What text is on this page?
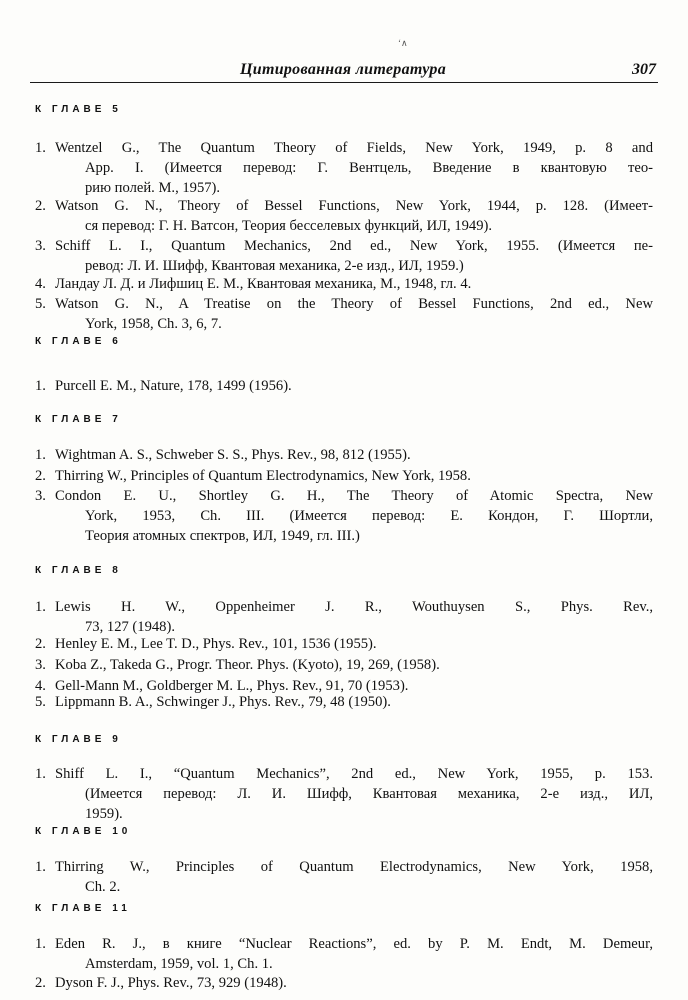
ʻ∧
Цитированная литература	307
К ГЛАВЕ 5
1. Wentzel G., The Quantum Theory of Fields, New York, 1949, p. 8 and
App. I. (Имеется перевод: Г. Вентцель, Введение в квантовую тео-
рию полей. М., 1957).
2. Watson G. N., Theory of Bessel Functions, New York, 1944, p. 128. (Имеет-
ся перевод: Г. Н. Ватсон, Теория бесселевых функций, ИЛ, 1949).
3. Schiff L. I., Quantum Mechanics, 2nd ed., New York, 1955. (Имеется пе-
ревод: Л. И. Шифф, Квантовая механика, 2-е изд., ИЛ, 1959.)
4. Ландау Л. Д. и Лифшиц Е. М., Квантовая механика, М., 1948, гл. 4.
5. Watson G. N., A Treatise on the Theory of Bessel Functions, 2nd ed., New
York, 1958, Ch. 3, 6, 7.
К ГЛАВЕ 6
1. Purcell E. M., Nature, 178, 1499 (1956).
К ГЛАВЕ 7
1. Wightman A. S., Schweber S. S., Phys. Rev., 98, 812 (1955).
2. Thirring W., Principles of Quantum Electrodynamics, New York, 1958.
3. Condon E. U., Shortley G. H., The Theory of Atomic Spectra, New
York, 1953, Ch. III. (Имеется перевод: Е. Кондон, Г. Шортли,
Теория атомных спектров, ИЛ, 1949, гл. III.)
К ГЛАВЕ 8
1. Lewis H. W., Oppenheimer J. R., Wouthuysen S., Phys. Rev.,
73, 127 (1948).
2. Henley E. M., Lee T. D., Phys. Rev., 101, 1536 (1955).
3. Koba Z., Takeda G., Progr. Theor. Phys. (Kyoto), 19, 269, (1958).
4. Gell-Mann M., Goldberger M. L., Phys. Rev., 91, 70 (1953).
5. Lippmann B. A., Schwinger J., Phys. Rev., 79, 48 (1950).
К ГЛАВЕ 9
1. Shiff L. I., “Quantum Mechanics”, 2nd ed., New York, 1955, p. 153.
(Имеется перевод: Л. И. Шифф, Квантовая механика, 2-е изд., ИЛ,
1959).
К ГЛАВЕ 10
1. Thirring W., Principles of Quantum Electrodynamics, New York, 1958,
Ch. 2.
К ГЛАВЕ 11
1. Eden R. J., в книге “Nuclear Reactions”, ed. by P. M. Endt, M. Demeur,
Amsterdam, 1959, vol. 1, Ch. 1.
2. Dyson F. J., Phys. Rev., 73, 929 (1948).
